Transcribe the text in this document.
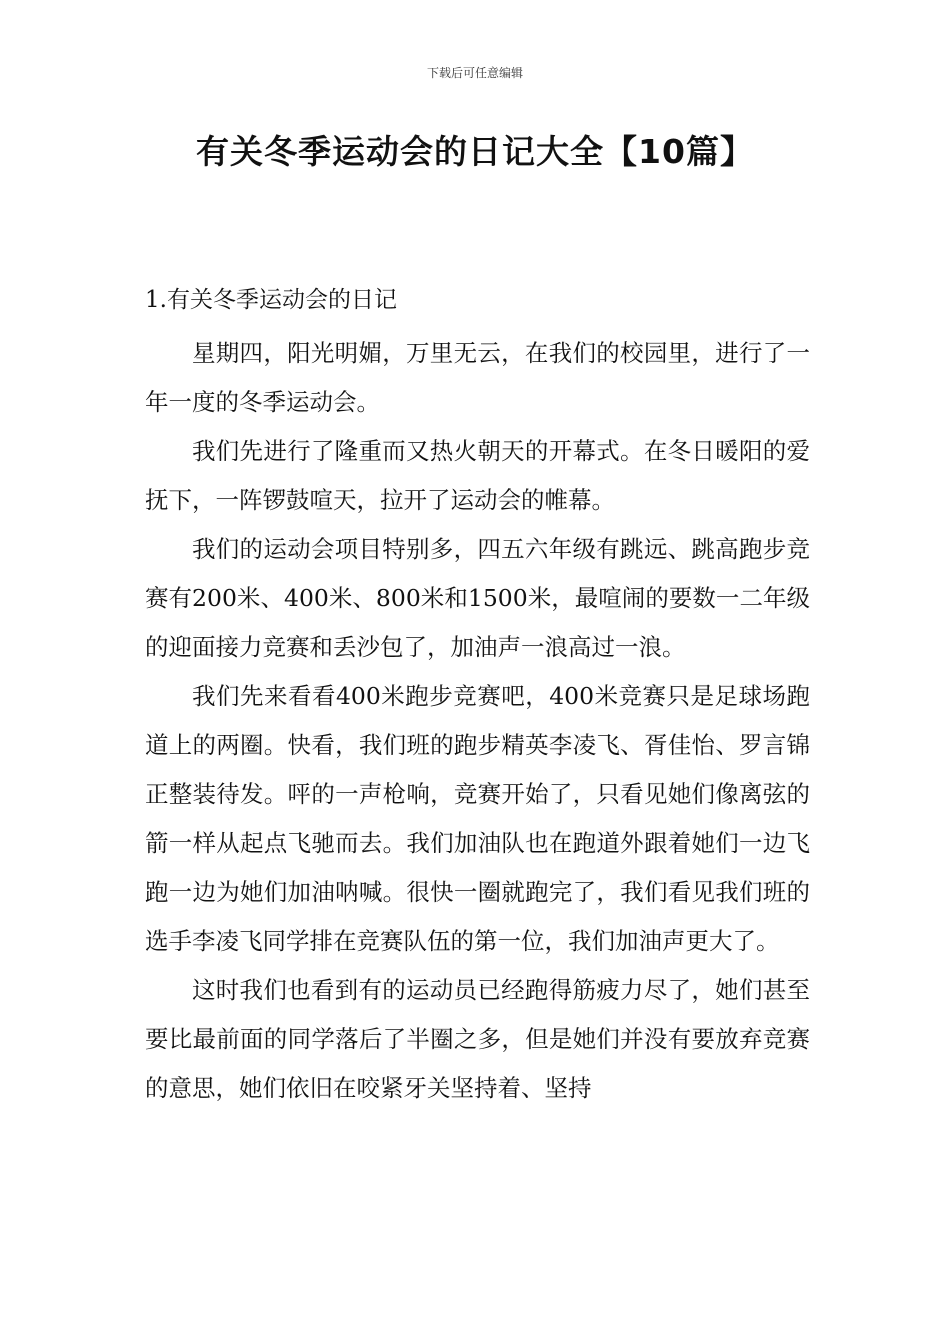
下载后可任意编辑
有关冬季运动会的日记大全【10篇】

1.有关冬季运动会的日记

星期四，阳光明媚，万里无云，在我们的校园里，进行了一年一度的冬季运动会。

我们先进行了隆重而又热火朝天的开幕式。在冬日暖阳的爱抚下，一阵锣鼓喧天，拉开了运动会的帷幕。

我们的运动会项目特别多，四五六年级有跳远、跳高跑步竞赛有200米、400米、800米和1500米，最喧闹的要数一二年级的迎面接力竞赛和丢沙包了，加油声一浪高过一浪。

我们先来看看400米跑步竞赛吧，400米竞赛只是足球场跑道上的两圈。快看，我们班的跑步精英李凌飞、胥佳怡、罗言锦正整装待发。呯的一声枪响，竞赛开始了，只看见她们像离弦的箭一样从起点飞驰而去。我们加油队也在跑道外跟着她们一边飞跑一边为她们加油呐喊。很快一圈就跑完了，我们看见我们班的选手李凌飞同学排在竞赛队伍的第一位，我们加油声更大了。

这时我们也看到有的运动员已经跑得筋疲力尽了，她们甚至要比最前面的同学落后了半圈之多，但是她们并没有要放弃竞赛的意思，她们依旧在咬紧牙关坚持着、坚持
